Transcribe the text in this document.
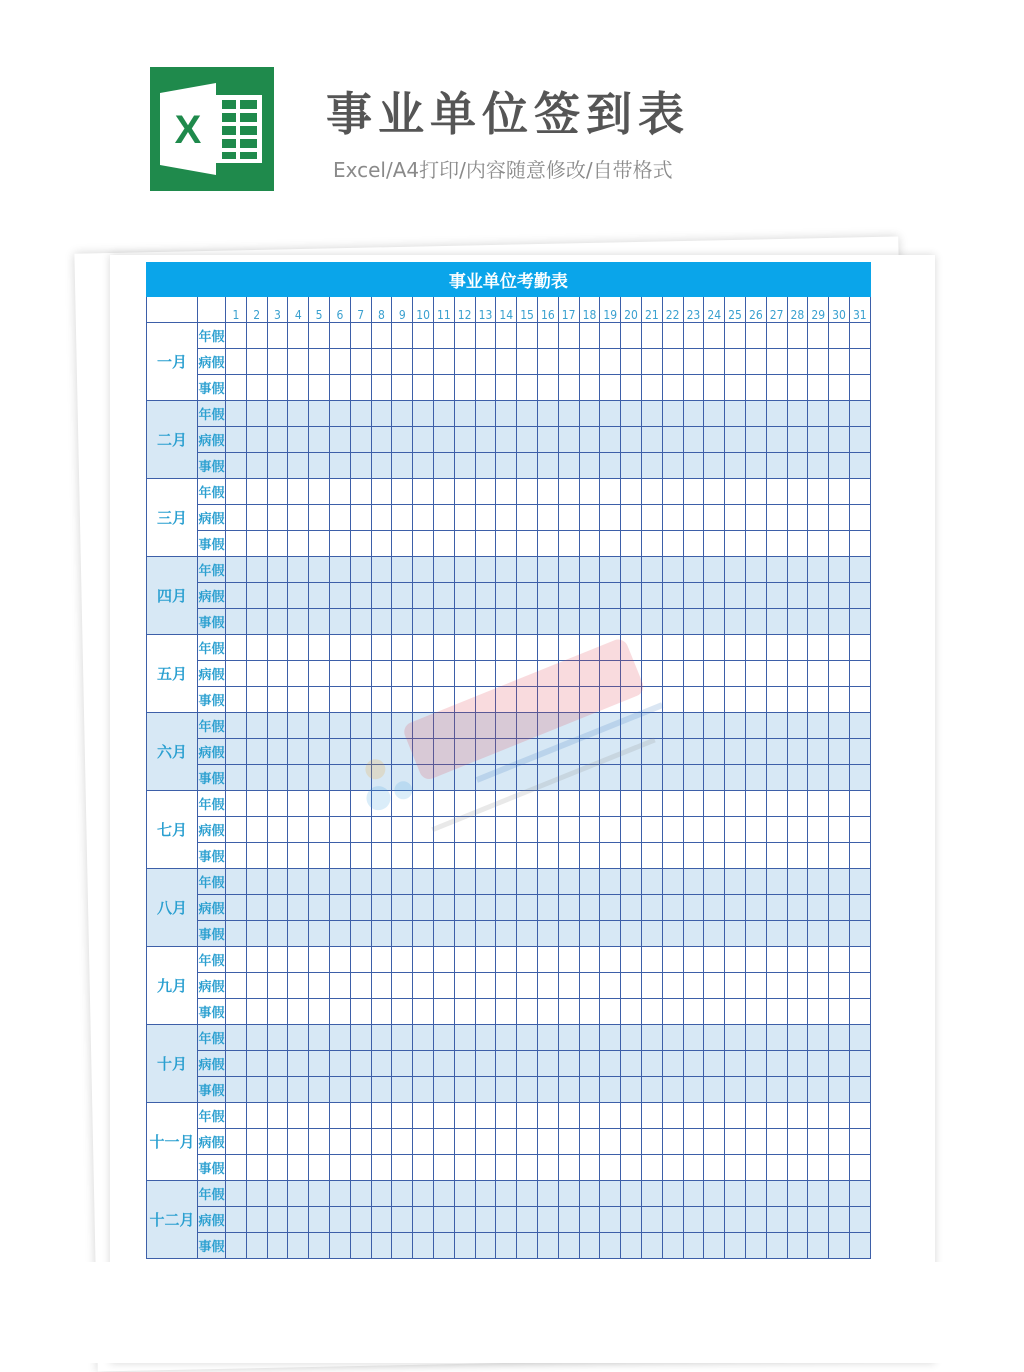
X	事业单位签到表
Excel/A4打印/内容随意修改/自带格式
事业单位考勤表																																
		1	2	3	4	5	6	7	8	9	10	11	12	13	14	15	16	17	18	19	20	21	22	23	24	25	26	27	28	29	30	31
一月	年假																															
	病假																															
	事假																															
二月	年假																															
	病假																															
	事假																															
三月	年假																															
	病假																															
	事假																															
四月	年假																															
	病假																															
	事假																															
五月	年假																															
	病假																															
	事假																															
六月	年假																															
	病假																															
	事假																															
七月	年假																															
	病假																															
	事假																															
八月	年假																															
	病假																															
	事假																															
九月	年假																															
	病假																															
	事假																															
十月	年假																															
	病假																															
	事假																															
十一月	年假																															
	病假																															
	事假																															
十二月	年假																															
	病假																															
	事假																															
